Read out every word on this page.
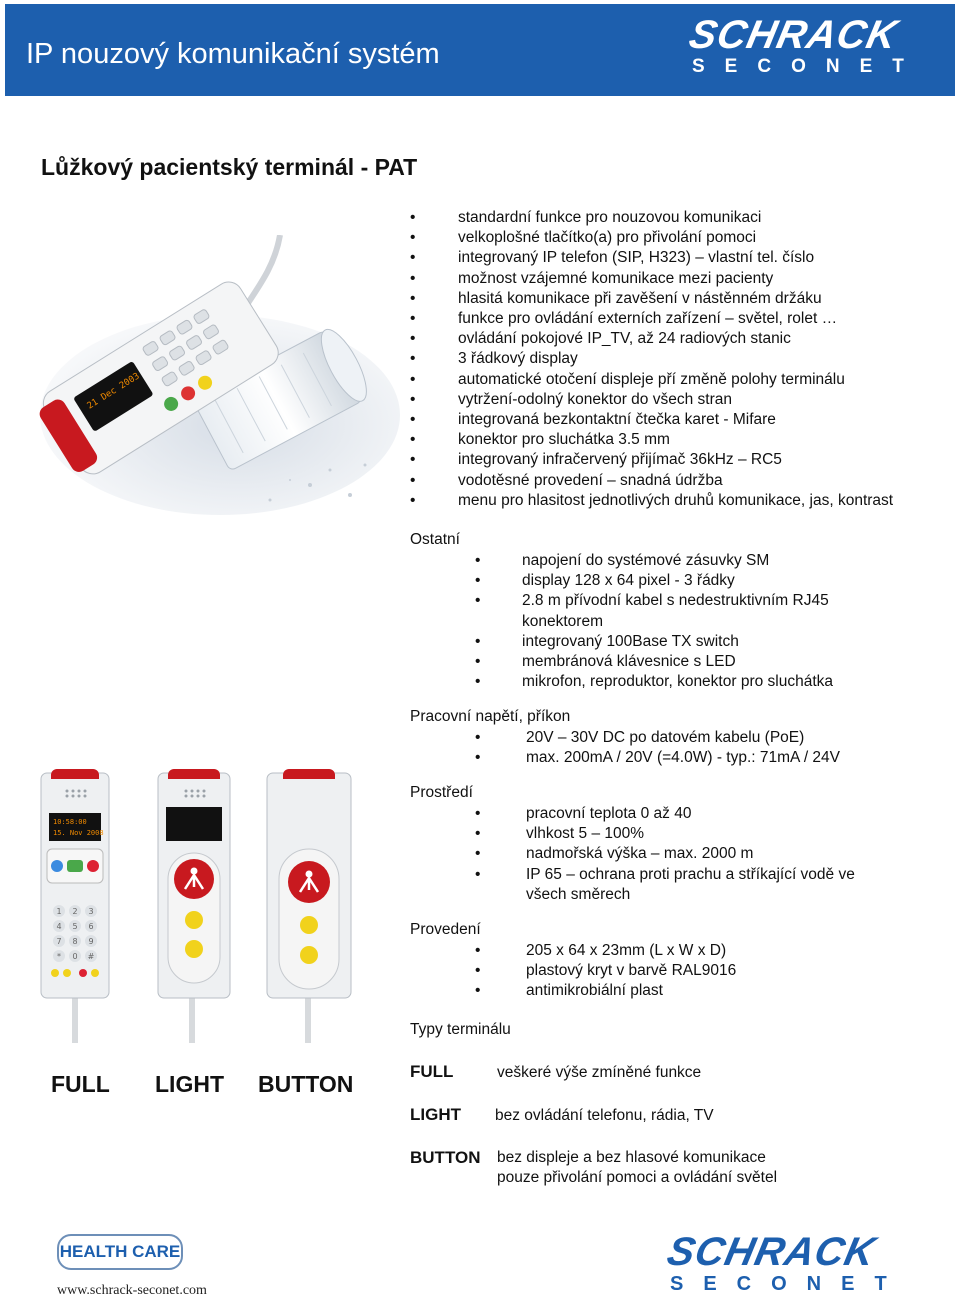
IP nouzový komunikační systém	SCHRACK
SECONET
Lůžkový pacientský terminál - PAT
21 Dec 2003
• standardní funkce pro nouzovou komunikaci
• velkoplošné tlačítko(a) pro přivolání pomoci
• integrovaný IP telefon (SIP, H323) – vlastní tel. číslo
• možnost vzájemné komunikace mezi pacienty
• hlasitá komunikace při zavěšení v nástěnném držáku
• funkce pro ovládání externích zařízení – světel, rolet …
• ovládání pokojové IP_TV, až 24 radiových stanic
• 3 řádkový display
• automatické otočení displeje pří změně polohy terminálu
• vytržení-odolný konektor do všech stran
• integrovaná bezkontaktní čtečka karet - Mifare
• konektor pro sluchátka 3.5 mm
• integrovaný infračervený přijímač 36kHz – RC5
• vodotěsné provedení – snadná údržba
• menu pro hlasitost jednotlivých druhů komunikace, jas, kontrast
Ostatní
• napojení do systémové zásuvky SM
• display 128 x 64 pixel - 3 řádky
• 2.8 m přívodní kabel s nedestruktivním RJ45 konektorem
• integrovaný 100Base TX switch
• membránová klávesnice s LED
• mikrofon, reproduktor, konektor pro sluchátka
Pracovní napětí, příkon
• 20V – 30V DC po datovém kabelu (PoE)
• max. 200mA / 20V (=4.0W) - typ.: 71mA / 24V
Prostředí
• pracovní teplota 0 až 40
• vlhkost 5 – 100%
• nadmořská výška – max. 2000 m
• IP 65 – ochrana proti prachu a stříkající vodě ve všech směrech
Provedení
• 205 x 64 x 23mm (L x W x D)
• plastový kryt v barvě RAL9016
• antimikrobiální plast
Typy terminálu
FULL	veškeré výše zmíněné funkce
LIGHT bez ovládání telefonu, rádia, TV
BUTTON bez displeje a bez hlasové komunikace
pouze přivolání pomoci a ovládání světel
10:58:00
15. Nov 2008
1 2 3
4 5 6
7 8 9
* 0 #
FULL LIGHT BUTTON
HEALTH CARE
www.schrack-seconet.com
SCHRACK
SECONET
